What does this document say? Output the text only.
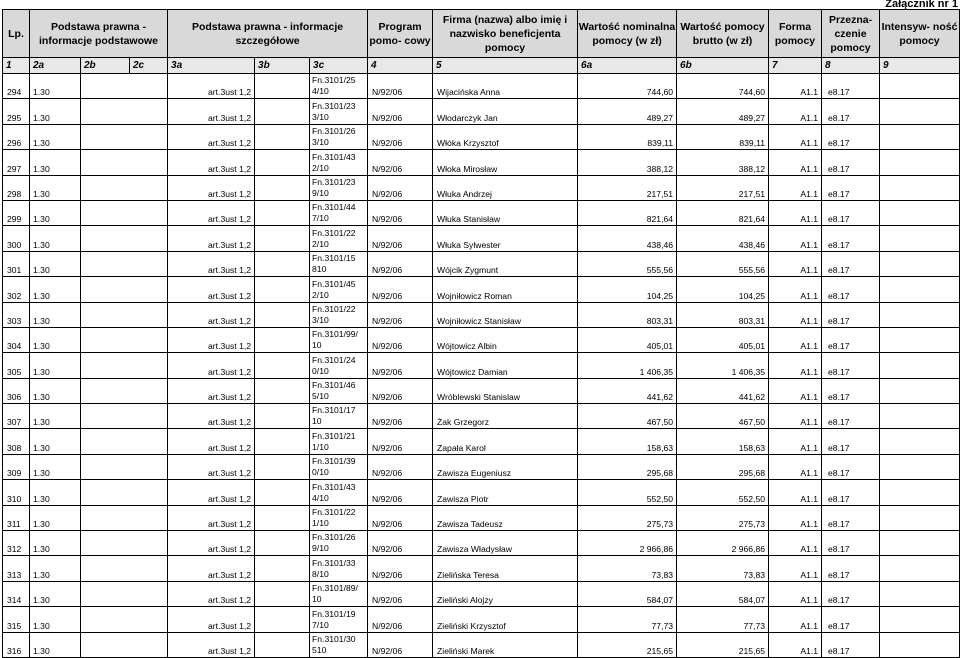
Załącznik nr 1
Lp.	Podstawa prawna - informacje podstawowe			Podstawa prawna - informacje szczegółowe			Program pomo- cowy	Firma (nazwa) albo imię i nazwisko beneficjenta pomocy	Wartość nominalna pomocy (w zł)	Wartość pomocy brutto (w zł)	Forma pomocy	Przezna- czenie pomocy	Intensyw- ność pomocy
1	2a	2b	2c	3a	3b	3c	4	5	6a	6b	7	8	9
294	1.30			art.3ust 1,2		Fn.3101/25 4/10	N/92/06	Wijacińska Anna	744,60	744,60	A1.1	e8.17	
295	1.30			art.3ust 1,2		Fn.3101/23 3/10	N/92/06	Włodarczyk Jan	489,27	489,27	A1.1	e8.17	
296	1.30			art.3ust 1,2		Fn.3101/26 3/10	N/92/06	Włóka Krzysztof	839,11	839,11	A1.1	e8.17	
297	1.30			art.3ust 1,2		Fn.3101/43 2/10	N/92/06	Włoka Mirosław	388,12	388,12	A1.1	e8.17	
298	1.30			art.3ust 1,2		Fn.3101/23 9/10	N/92/06	Włuka Andrzej	217,51	217,51	A1.1	e8.17	
299	1.30			art.3ust 1,2		Fn.3101/44 7/10	N/92/06	Włuka Stanisław	821,64	821,64	A1.1	e8.17	
300	1.30			art.3ust 1,2		Fn.3101/22 2/10	N/92/06	Włuka Sylwester	438,46	438,46	A1.1	e8.17	
301	1.30			art.3ust 1,2		Fn.3101/15 810	N/92/06	Wójcik Zygmunt	555,56	555,56	A1.1	e8.17	
302	1.30			art.3ust 1,2		Fn.3101/45 2/10	N/92/06	Wojniłowicz Roman	104,25	104,25	A1.1	e8.17	
303	1.30			art.3ust 1,2		Fn.3101/22 3/10	N/92/06	Wojniłowicz Stanisław	803,31	803,31	A1.1	e8.17	
304	1.30			art.3ust 1,2		Fn.3101/99/ 10	N/92/06	Wójtowicz Albin	405,01	405,01	A1.1	e8.17	
305	1.30			art.3ust 1,2		Fn.3101/24 0/10	N/92/06	Wójtowicz Damian	1 406,35	1 406,35	A1.1	e8.17	
306	1.30			art.3ust 1,2		Fn.3101/46 5/10	N/92/06	Wróblewski Stanislaw	441,62	441,62	A1.1	e8.17	
307	1.30			art.3ust 1,2		Fn.3101/17 10	N/92/06	Żak Grzegorz	467,50	467,50	A1.1	e8.17	
308	1.30			art.3ust 1,2		Fn.3101/21 1/10	N/92/06	Zapała Karol	158,63	158,63	A1.1	e8.17	
309	1.30			art.3ust 1,2		Fn.3101/39 0/10	N/92/06	Zawisza Eugeniusz	295,68	295,68	A1.1	e8.17	
310	1.30			art.3ust 1,2		Fn.3101/43 4/10	N/92/06	Zawisza Piotr	552,50	552,50	A1.1	e8.17	
311	1.30			art.3ust 1,2		Fn.3101/22 1/10	N/92/06	Zawisza Tadeusz	275,73	275,73	A1.1	e8.17	
312	1.30			art.3ust 1,2		Fn.3101/26 9/10	N/92/06	Zawisza Władysław	2 966,86	2 966,86	A1.1	e8.17	
313	1.30			art.3ust 1,2		Fn.3101/33 8/10	N/92/06	Zielińska Teresa	73,83	73,83	A1.1	e8.17	
314	1.30			art.3ust 1,2		Fn.3101/89/ 10	N/92/06	Zieliński Alojzy	584,07	584,07	A1.1	e8.17	
315	1.30			art.3ust 1,2		Fn.3101/19 7/10	N/92/06	Zieliński Krzysztof	77,73	77,73	A1.1	e8.17	
316	1.30			art.3ust 1,2		Fn.3101/30 510	N/92/06	Zieliński Marek	215,65	215,65	A1.1	e8.17	
